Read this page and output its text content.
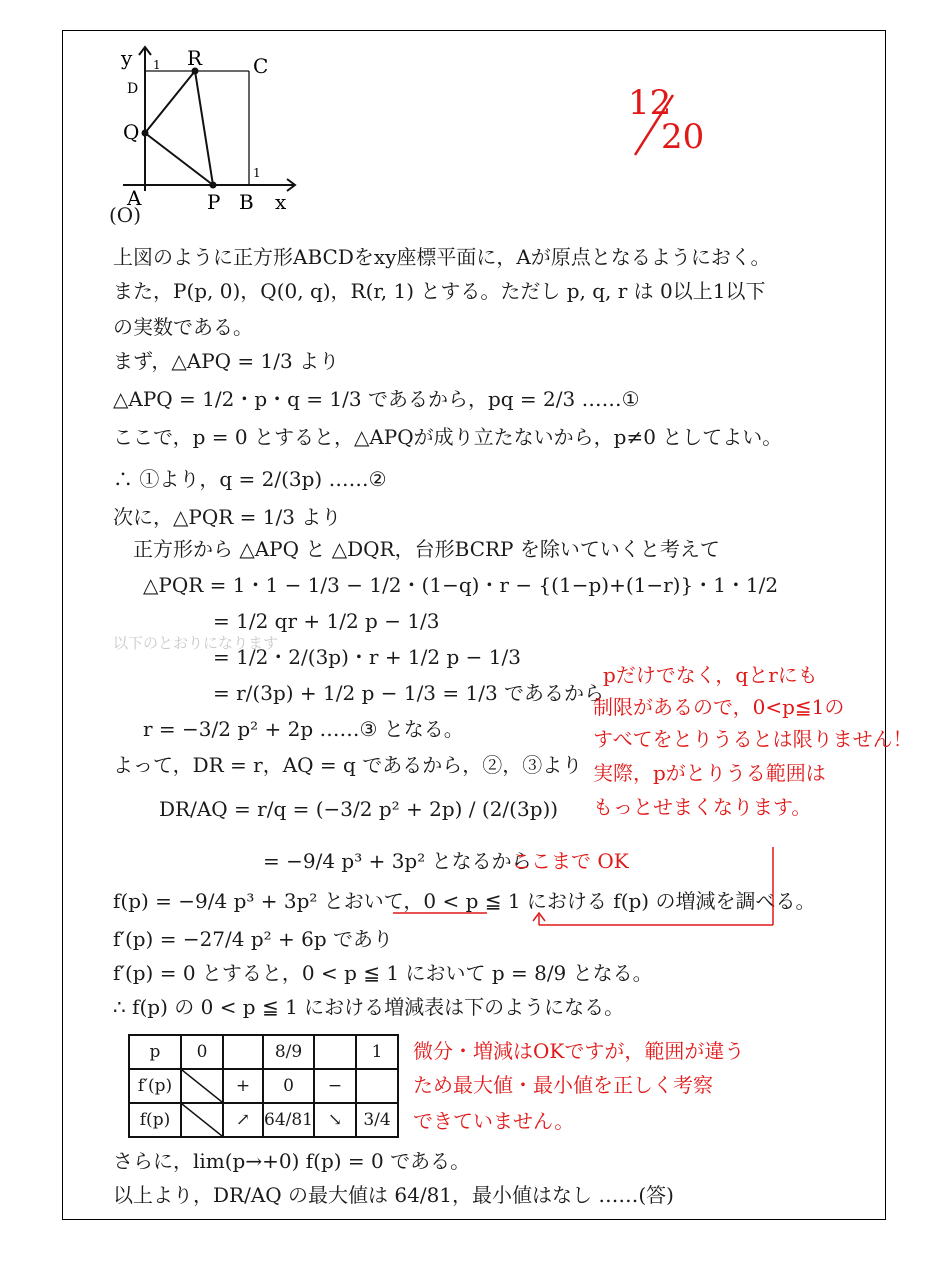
12
20
y 1 R	C
D
Q
1
A	P B x
(O)
上図のように正方形ABCDをxy座標平面に，Aが原点となるようにおく。
また，P(p, 0)，Q(0, q)，R(r, 1) とする。ただし p, q, r は 0以上1以下
の実数である。
まず，△APQ = 1/3 より
△APQ = 1/2・p・q = 1/3 であるから，pq = 2/3 ……①
ここで，p = 0 とすると，△APQが成り立たないから，p≠0 としてよい。
∴ ①より，q = 2/(3p) ……②
次に，△PQR = 1/3 より
正方形から △APQ と △DQR，台形BCRP を除いていくと考えて
△PQR = 1・1 − 1/3 − 1/2・(1−q)・r − {(1−p)+(1−r)}・1・1/2
= 1/2 qr + 1/2 p − 1/3
= 1/2・2/(3p)・r + 1/2 p − 1/3
以下のとおりになります
= r/(3p) + 1/2 p − 1/3 = 1/3 であるから
r = −3/2 p² + 2p ……③ となる。
よって，DR = r，AQ = q であるから，②，③より
DR/AQ = r/q = (−3/2 p² + 2p) / (2/(3p))
= −9/4 p³ + 3p² となるから
ここまで OK
f(p) = −9/4 p³ + 3p² とおいて，0 < p ≦ 1 における f(p) の増減を調べる。
f′(p) = −27/4 p² + 6p であり
f′(p) = 0 とすると，0 < p ≦ 1 において p = 8/9 となる。
∴ f(p) の 0 < p ≦ 1 における増減表は下のようになる。
pだけでなく，qとrにも
制限があるので，0<p≦1の
すべてをとりうるとは限りません！
実際，pがとりうる範囲は
もっとせまくなります。
微分・増減はOKですが，範囲が違う
ため最大値・最小値を正しく考察
できていません。
さらに，lim(p→+0) f(p) = 0 である。
以上より，DR/AQ の最大値は 64/81，最小値はなし ……(答)
p	0		8/9		1
f′(p)		+	0	−	
f(p)		↗	64/81	↘	3/4
